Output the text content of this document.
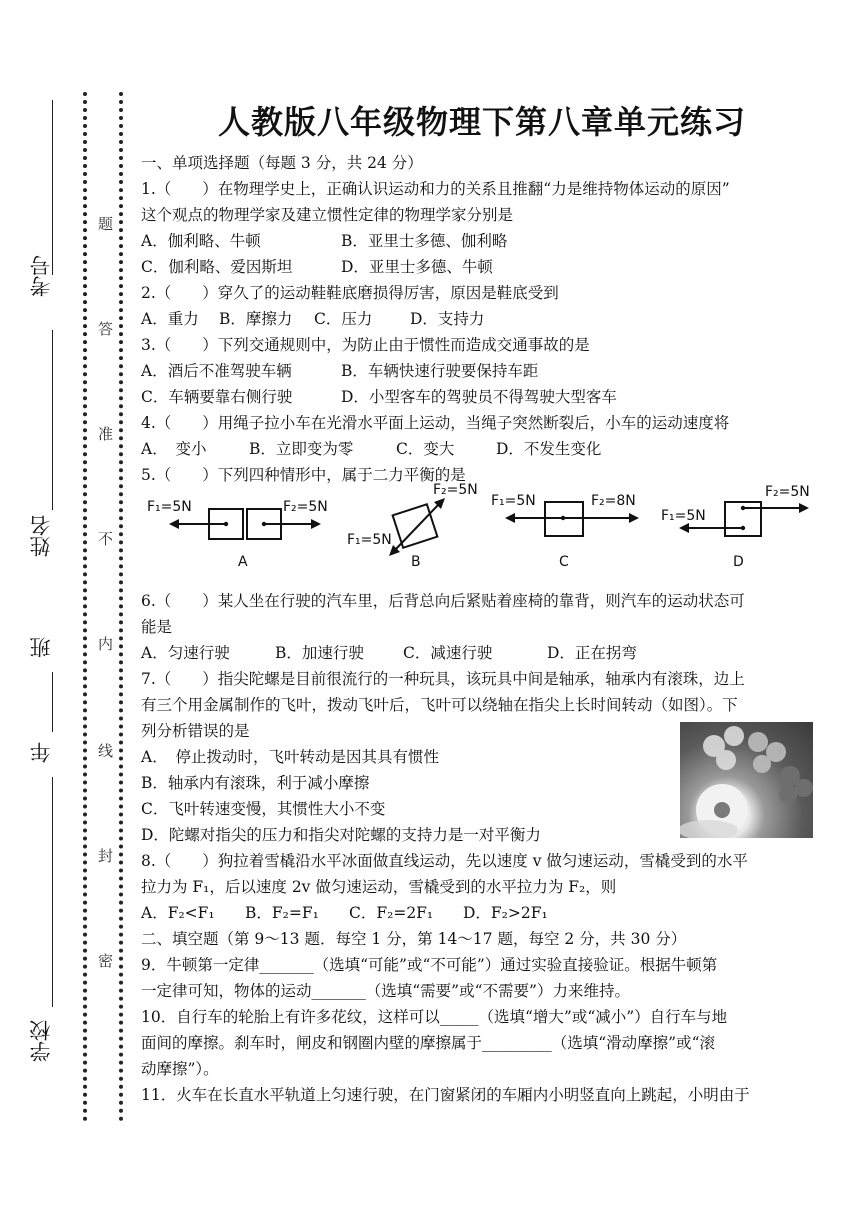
考号
姓名
班
年
学校
题
答
准
不
内
线
封
密
人教版八年级物理下第八章单元练习

一、单项选择题（每题 3 分，共 24 分）

1.（　　）在物理学史上，正确认识运动和力的关系且推翻“力是维持物体运动的原因”

这个观点的物理学家及建立惯性定律的物理学家分别是

A．伽利略、牛顿	B．亚里士多德、伽利略

C．伽利略、爱因斯坦	D．亚里士多德、牛顿

2.（　　）穿久了的运动鞋鞋底磨损得厉害，原因是鞋底受到

A．重力 B．摩擦力 C．压力 D．支持力

3.（　　）下列交通规则中，为防止由于惯性而造成交通事故的是

A．酒后不准驾驶车辆	B．车辆快速行驶要保持车距

C．车辆要靠右侧行驶	D．小型客车的驾驶员不得驾驶大型客车

4.（　　）用绳子拉小车在光滑水平面上运动，当绳子突然断裂后，小车的运动速度将

A．　变小	B．立即变为零	C．变大	D．不发生变化

5.（　　）下列四种情形中，属于二力平衡的是

F₁=5N	F₂=5N
A
F₁=5N
F₂=5N
B
F₁=5N	F₂=8N
C
F₁=5N
F₂=5N
D

6.（　　）某人坐在行驶的汽车里，后背总向后紧贴着座椅的靠背，则汽车的运动状态可

能是

A．匀速行驶	B．加速行驶	C．减速行驶	D．正在拐弯

7.（　　）指尖陀螺是目前很流行的一种玩具，该玩具中间是轴承，轴承内有滚珠，边上

有三个用金属制作的飞叶，拨动飞叶后，飞叶可以绕轴在指尖上长时间转动（如图）。下

列分析错误的是

A．　停止拨动时，飞叶转动是因其具有惯性

B．轴承内有滚珠，利于减小摩擦

C．飞叶转速变慢，其惯性大小不变

D．陀螺对指尖的压力和指尖对陀螺的支持力是一对平衡力

8.（　　）狗拉着雪橇沿水平冰面做直线运动，先以速度 v 做匀速运动，雪橇受到的水平

拉力为 F₁，后以速度 2v 做匀速运动，雪橇受到的水平拉力为 F₂，则

A．F₂<F₁ B．F₂=F₁ C．F₂=2F₁ D．F₂>2F₁

二、填空题（第 9～13 题．每空 1 分，第 14～17 题，每空 2 分，共 30 分）

9．牛顿第一定律_______（选填“可能”或“不可能”）通过实验直接验证。根据牛顿第

一定律可知，物体的运动_______（选填“需要”或“不需要”）力来维持。

10．自行车的轮胎上有许多花纹，这样可以_____（选填“增大”或“减小”）自行车与地

面间的摩擦。刹车时，闸皮和钢圈内壁的摩擦属于_________（选填“滑动摩擦”或“滚

动摩擦”）。

11．火车在长直水平轨道上匀速行驶，在门窗紧闭的车厢内小明竖直向上跳起，小明由于
